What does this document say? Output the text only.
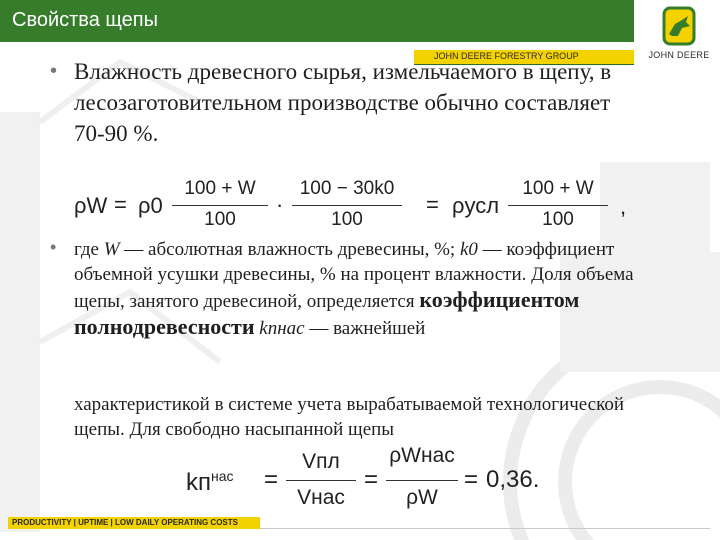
Свойства щепы
JOHN DEERE
JOHN DEERE FORESTRY GROUP
•
•
Влажность древесного сырья, измельчаемого в щепу, в лесозаготовительном производстве обычно составляет 70-90 %.
ρW = ρ0
100 + W
100
·
100 − 30k0
100
= ρусл
100 + W
100
,
где W — абсолютная влажность древесины, %; k0 — коэффициент объемной усушки древесины, % на процент влажности. Доля объема щепы, занятого древесиной, определяется коэффициентом полнодревесности kпнас — важнейшей
характеристикой в системе учета вырабатываемой технологической щепы. Для свободно насыпанной щепы
$kп^{нас}$ =
Vпл
Vнас
=
ρWнас
ρW
= 0,36.
PRODUCTIVITY | UPTIME | LOW DAILY OPERATING COSTS
